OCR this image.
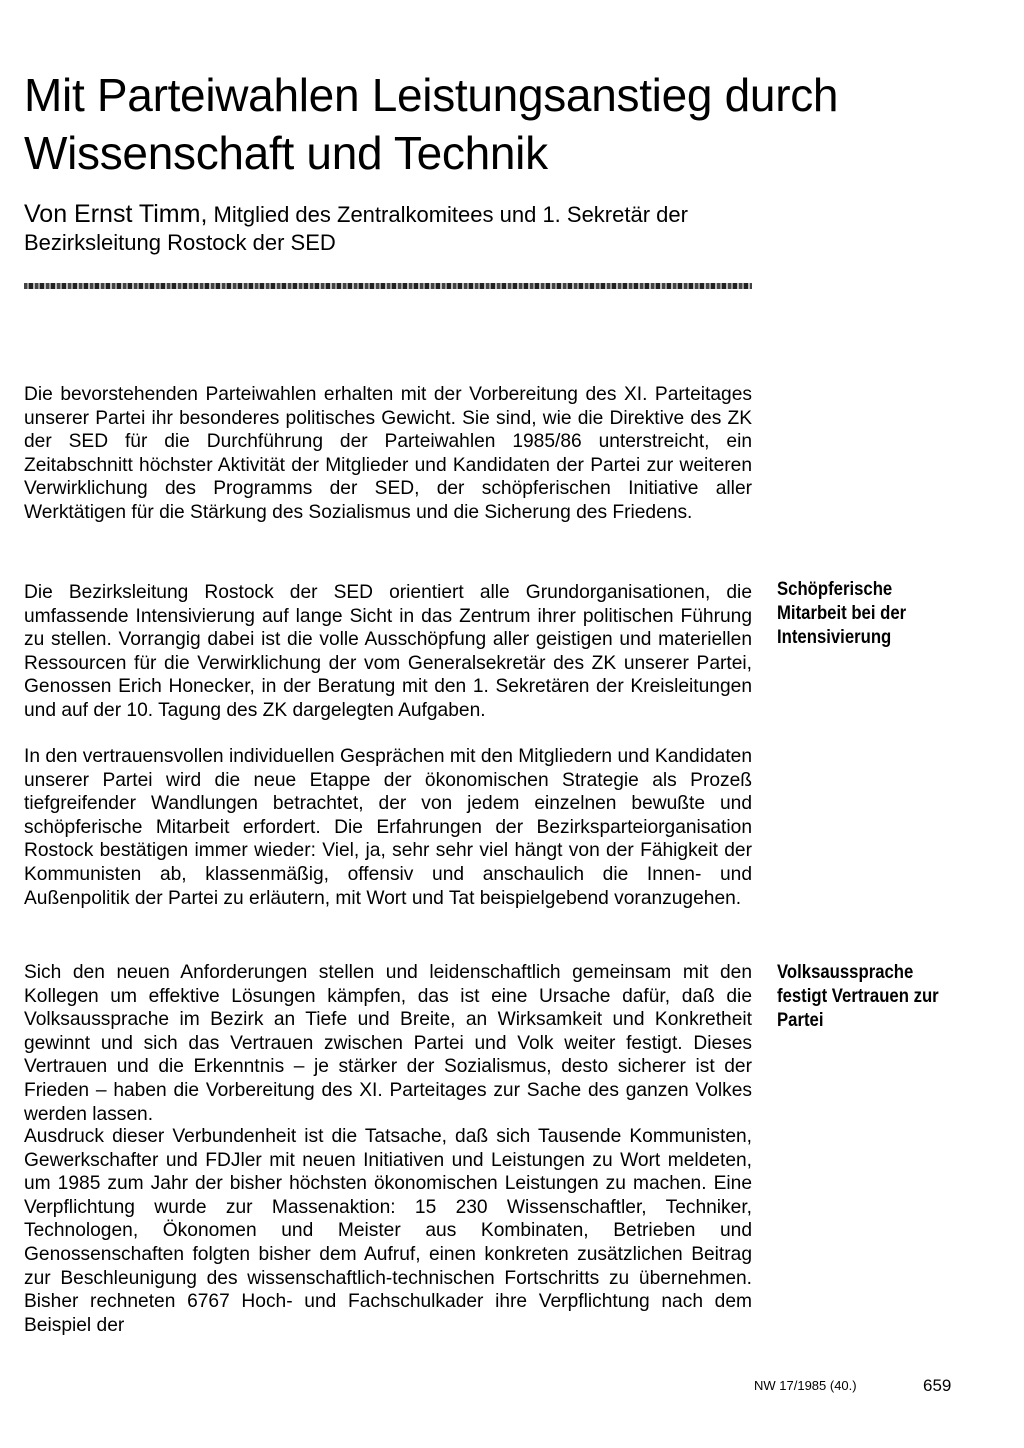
Mit Parteiwahlen Leistungsanstieg durch Wissenschaft und Technik

Von Ernst Timm, Mitglied des Zentralkomitees und 1. Sekretär der Bezirksleitung Rostock der SED

Die bevorstehenden Parteiwahlen erhalten mit der Vorbereitung des XI. Parteitages unserer Partei ihr besonderes politisches Gewicht. Sie sind, wie die Direktive des ZK der SED für die Durchführung der Parteiwahlen 1985/86 unterstreicht, ein Zeitabschnitt höchster Aktivität der Mitglieder und Kandidaten der Partei zur weiteren Verwirklichung des Programms der SED, der schöpferischen Initiative aller Werktätigen für die Stärkung des Sozialismus und die Sicherung des Friedens.

Die Bezirksleitung Rostock der SED orientiert alle Grundorganisationen, die umfassende Intensivierung auf lange Sicht in das Zentrum ihrer politischen Führung zu stellen. Vorrangig dabei ist die volle Ausschöpfung aller geistigen und materiellen Ressourcen für die Verwirklichung der vom Generalsekretär des ZK unserer Partei, Genossen Erich Honecker, in der Beratung mit den 1. Sekretären der Kreisleitungen und auf der 10. Tagung des ZK dargelegten Aufgaben.

In den vertrauensvollen individuellen Gesprächen mit den Mitgliedern und Kandidaten unserer Partei wird die neue Etappe der ökonomischen Strategie als Prozeß tiefgreifender Wandlungen betrachtet, der von jedem einzelnen bewußte und schöpferische Mitarbeit erfordert. Die Erfahrungen der Bezirksparteiorganisation Rostock bestätigen immer wieder: Viel, ja, sehr sehr viel hängt von der Fähigkeit der Kommunisten ab, klassenmäßig, offensiv und anschaulich die Innen- und Außenpolitik der Partei zu erläutern, mit Wort und Tat beispielgebend voranzugehen.

Sich den neuen Anforderungen stellen und leidenschaftlich gemeinsam mit den Kollegen um effektive Lösungen kämpfen, das ist eine Ursache dafür, daß die Volksaussprache im Bezirk an Tiefe und Breite, an Wirksamkeit und Konkretheit gewinnt und sich das Vertrauen zwischen Partei und Volk weiter festigt. Dieses Vertrauen und die Erkenntnis – je stärker der Sozialismus, desto sicherer ist der Frieden – haben die Vorbereitung des XI. Parteitages zur Sache des ganzen Volkes werden lassen.

Ausdruck dieser Verbundenheit ist die Tatsache, daß sich Tausende Kommunisten, Gewerkschafter und FDJler mit neuen Initiativen und Leistungen zu Wort meldeten, um 1985 zum Jahr der bisher höchsten ökonomischen Leistungen zu machen. Eine Verpflichtung wurde zur Massenaktion: 15 230 Wissenschaftler, Techniker, Technologen, Ökonomen und Meister aus Kombinaten, Betrieben und Genossenschaften folgten bisher dem Aufruf, einen konkreten zusätzlichen Beitrag zur Beschleunigung des wissenschaftlich-technischen Fortschritts zu übernehmen. Bisher rechneten 6767 Hoch- und Fachschulkader ihre Verpflichtung nach dem Beispiel der

Schöpferische Mitarbeit bei der Intensivierung

Volksaussprache festigt Vertrauen zur Partei

NW 17/1985 (40.)	659
